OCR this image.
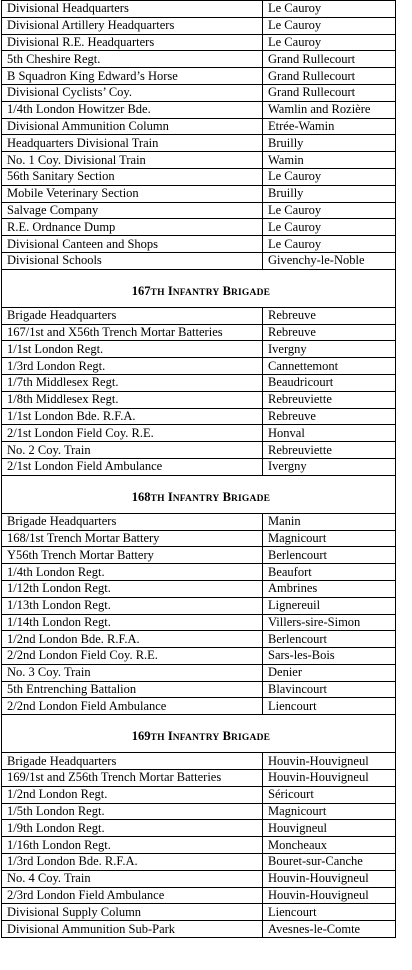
Divisional Headquarters	Le Cauroy
Divisional Artillery Headquarters	Le Cauroy
Divisional R.E. Headquarters	Le Cauroy
5th Cheshire Regt.	Grand Rullecourt
B Squadron King Edward’s Horse	Grand Rullecourt
Divisional Cyclists’ Coy.	Grand Rullecourt
1/4th London Howitzer Bde.	Wamlin and Rozière
Divisional Ammunition Column	Etrée-Wamin
Headquarters Divisional Train	Bruilly
No. 1 Coy. Divisional Train	Wamin
56th Sanitary Section	Le Cauroy
Mobile Veterinary Section	Bruilly
Salvage Company	Le Cauroy
R.E. Ordnance Dump	Le Cauroy
Divisional Canteen and Shops	Le Cauroy
Divisional Schools	Givenchy-le-Noble
167TH INFANTRY BRIGADE	
Brigade Headquarters	Rebreuve
167/1st and X56th Trench Mortar Batteries	Rebreuve
1/1st London Regt.	Ivergny
1/3rd London Regt.	Cannettemont
1/7th Middlesex Regt.	Beaudricourt
1/8th Middlesex Regt.	Rebreuviette
1/1st London Bde. R.F.A.	Rebreuve
2/1st London Field Coy. R.E.	Honval
No. 2 Coy. Train	Rebreuviette
2/1st London Field Ambulance	Ivergny
168TH INFANTRY BRIGADE	
Brigade Headquarters	Manin
168/1st Trench Mortar Battery	Magnicourt
Y56th Trench Mortar Battery	Berlencourt
1/4th London Regt.	Beaufort
1/12th London Regt.	Ambrines
1/13th London Regt.	Lignereuil
1/14th London Regt.	Villers-sire-Simon
1/2nd London Bde. R.F.A.	Berlencourt
2/2nd London Field Coy. R.E.	Sars-les-Bois
No. 3 Coy. Train	Denier
5th Entrenching Battalion	Blavincourt
2/2nd London Field Ambulance	Liencourt
169TH INFANTRY BRIGADE	
Brigade Headquarters	Houvin-Houvigneul
169/1st and Z56th Trench Mortar Batteries	Houvin-Houvigneul
1/2nd London Regt.	Séricourt
1/5th London Regt.	Magnicourt
1/9th London Regt.	Houvigneul
1/16th London Regt.	Moncheaux
1/3rd London Bde. R.F.A.	Bouret-sur-Canche
No. 4 Coy. Train	Houvin-Houvigneul
2/3rd London Field Ambulance	Houvin-Houvigneul
Divisional Supply Column	Liencourt
Divisional Ammunition Sub-Park	Avesnes-le-Comte
